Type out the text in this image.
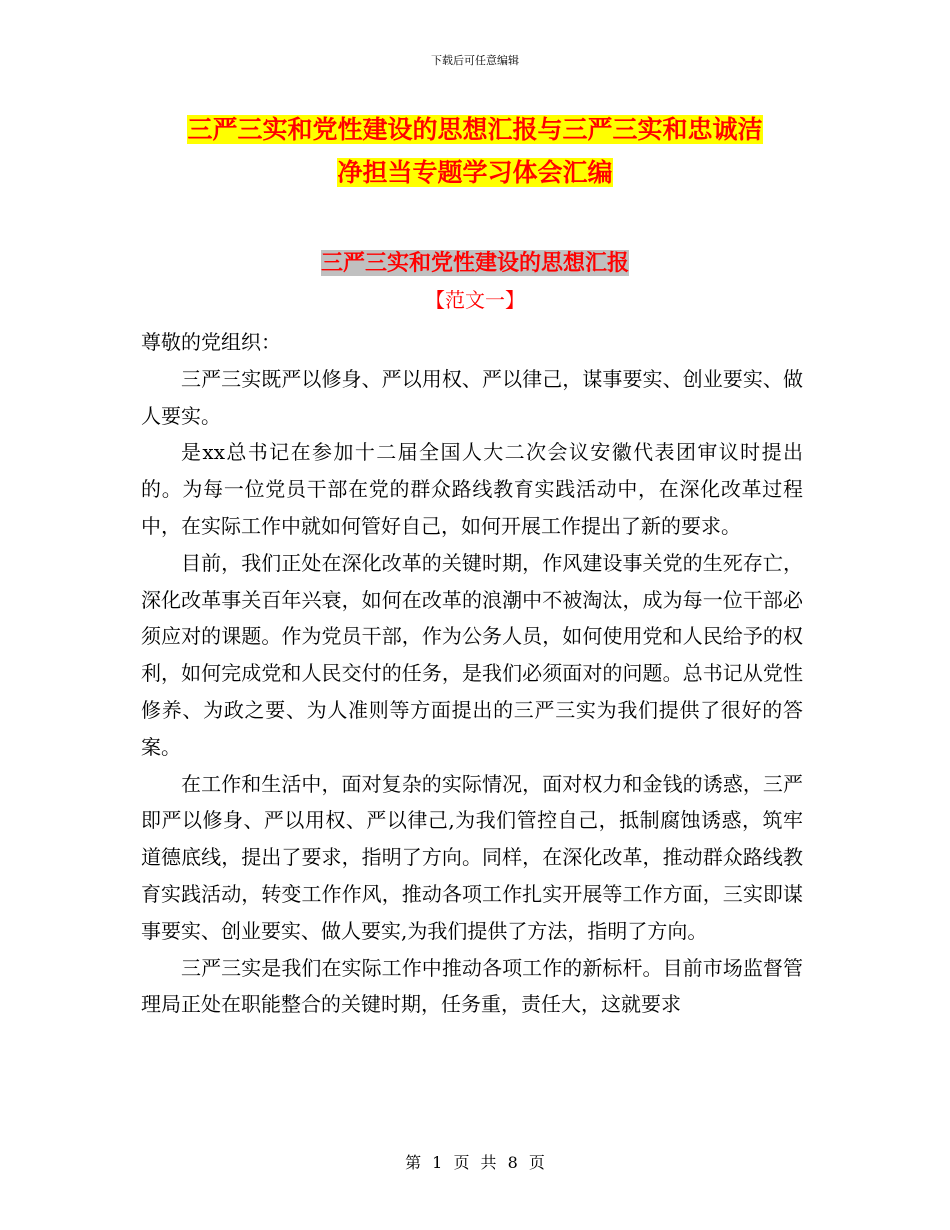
下载后可任意编辑
三严三实和党性建设的思想汇报与三严三实和忠诚洁
净担当专题学习体会汇编
三严三实和党性建设的思想汇报
【范文一】

尊敬的党组织：

三严三实既严以修身、严以用权、严以律己，谋事要实、创业要实、做人要实。

是xx总书记在参加十二届全国人大二次会议安徽代表团审议时提出的。为每一位党员干部在党的群众路线教育实践活动中，在深化改革过程中，在实际工作中就如何管好自己，如何开展工作提出了新的要求。

目前，我们正处在深化改革的关键时期，作风建设事关党的生死存亡，深化改革事关百年兴衰，如何在改革的浪潮中不被淘汰，成为每一位干部必须应对的课题。作为党员干部，作为公务人员，如何使用党和人民给予的权利，如何完成党和人民交付的任务，是我们必须面对的问题。总书记从党性修养、为政之要、为人准则等方面提出的三严三实为我们提供了很好的答案。

在工作和生活中，面对复杂的实际情况，面对权力和金钱的诱惑，三严即严以修身、严以用权、严以律己,为我们管控自己，抵制腐蚀诱惑，筑牢道德底线，提出了要求，指明了方向。同样，在深化改革，推动群众路线教育实践活动，转变工作作风，推动各项工作扎实开展等工作方面，三实即谋事要实、创业要实、做人要实,为我们提供了方法，指明了方向。

三严三实是我们在实际工作中推动各项工作的新标杆。目前市场监督管理局正处在职能整合的关键时期，任务重，责任大，这就要求

第 1 页 共 8 页
